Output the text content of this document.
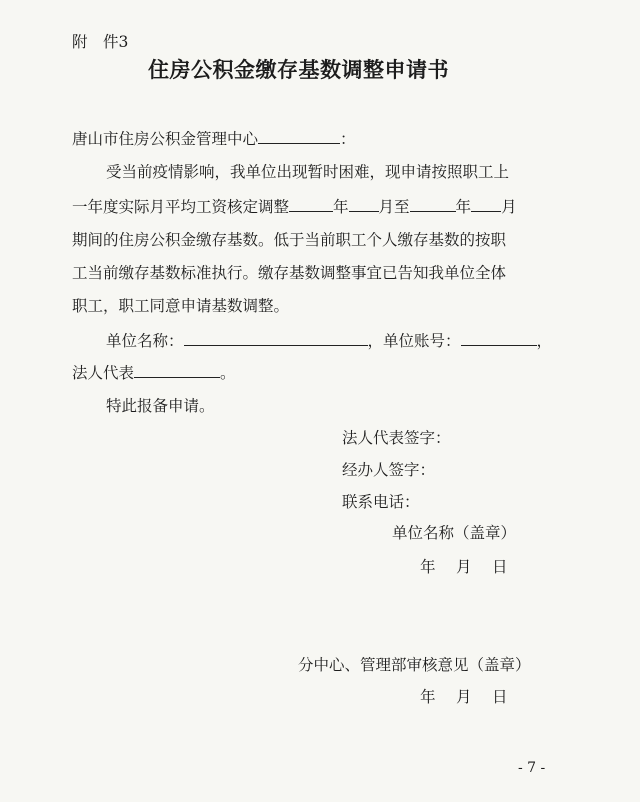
附　件3
住房公积金缴存基数调整申请书
唐山市住房公积金管理中心	：
受当前疫情影响，我单位出现暂时困难，现申请按照职工上
一年度实际月平均工资核定调整	年 月至	年 月
期间的住房公积金缴存基数。低于当前职工个人缴存基数的按职
工当前缴存基数标准执行。缴存基数调整事宜已告知我单位全体
职工，职工同意申请基数调整。
单位名称：	，单位账号：	，
法人代表	。
特此报备申请。
法人代表签字：
经办人签字：
联系电话：
单位名称（盖章）
年　月　日
分中心、管理部审核意见（盖章）
年　月　日
- 7 -
